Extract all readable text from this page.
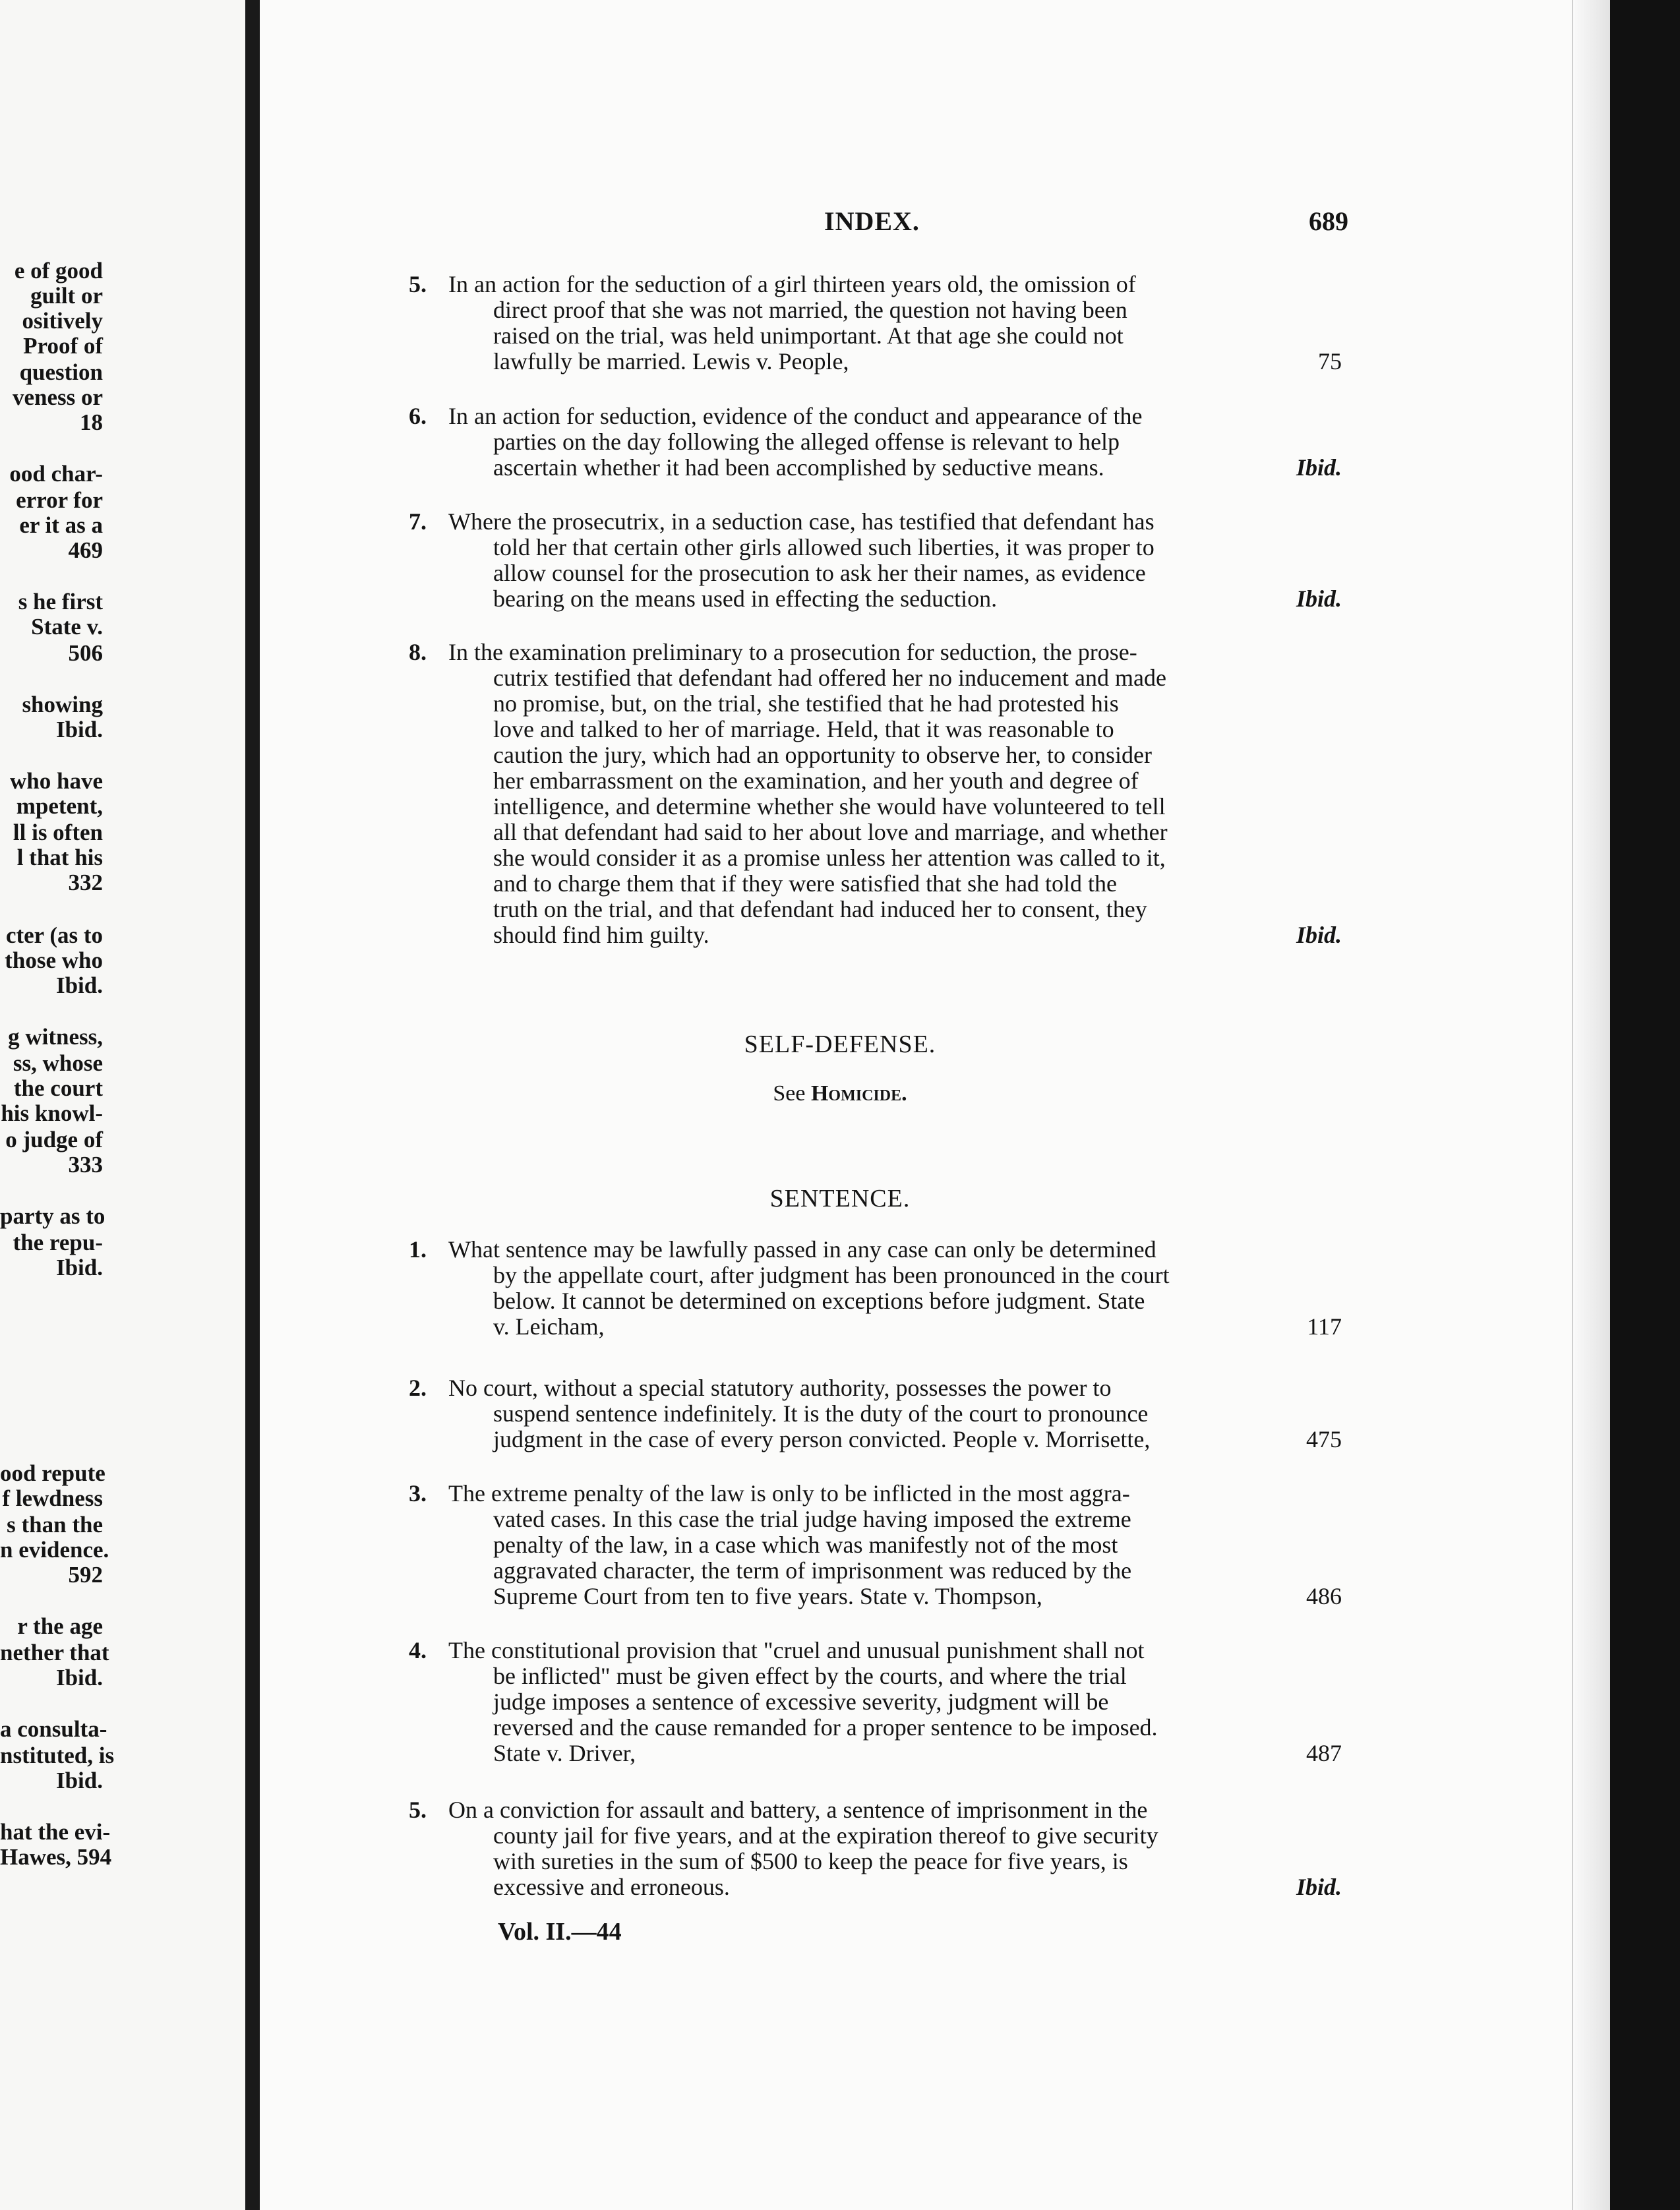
e of good
guilt or
ositively
Proof of
question
veness or
18
ood char-
error for
er it as a
469
s he first
State v.
506
showing
Ibid.
who have
mpetent,
ll is often
l that his
332
cter (as to
those who
Ibid.
g witness,
ss, whose
the court
his knowl-
o judge of
333
party as to
the repu-
Ibid.
ood repute
f lewdness
s than the
n evidence.
592
r the age
nether that
Ibid.
a consulta-
nstituted, is
Ibid.
hat the evi-
Hawes, 594
INDEX.	689
5. In an action for the seduction of a girl thirteen years old, the omission of
direct proof that she was not married, the question not having been
raised on the trial, was held unimportant. At that age she could not
lawfully be married. Lewis v. People,	75
6. In an action for seduction, evidence of the conduct and appearance of the
parties on the day following the alleged offense is relevant to help
ascertain whether it had been accomplished by seductive means.	Ibid.
7. Where the prosecutrix, in a seduction case, has testified that defendant has
told her that certain other girls allowed such liberties, it was proper to
allow counsel for the prosecution to ask her their names, as evidence
bearing on the means used in effecting the seduction.	Ibid.
8. In the examination preliminary to a prosecution for seduction, the prose-
cutrix testified that defendant had offered her no inducement and made
no promise, but, on the trial, she testified that he had protested his
love and talked to her of marriage. Held, that it was reasonable to
caution the jury, which had an opportunity to observe her, to consider
her embarrassment on the examination, and her youth and degree of
intelligence, and determine whether she would have volunteered to tell
all that defendant had said to her about love and marriage, and whether
she would consider it as a promise unless her attention was called to it,
and to charge them that if they were satisfied that she had told the
truth on the trial, and that defendant had induced her to consent, they
should find him guilty.	Ibid.
SELF-DEFENSE.
See Homicide.
SENTENCE.
1. What sentence may be lawfully passed in any case can only be determined
by the appellate court, after judgment has been pronounced in the court
below. It cannot be determined on exceptions before judgment. State
v. Leicham,	117
2. No court, without a special statutory authority, possesses the power to
suspend sentence indefinitely. It is the duty of the court to pronounce
judgment in the case of every person convicted. People v. Morrisette,	475
3. The extreme penalty of the law is only to be inflicted in the most aggra-
vated cases. In this case the trial judge having imposed the extreme
penalty of the law, in a case which was manifestly not of the most
aggravated character, the term of imprisonment was reduced by the
Supreme Court from ten to five years. State v. Thompson,	486
4. The constitutional provision that "cruel and unusual punishment shall not
be inflicted" must be given effect by the courts, and where the trial
judge imposes a sentence of excessive severity, judgment will be
reversed and the cause remanded for a proper sentence to be imposed.
State v. Driver,	487
5. On a conviction for assault and battery, a sentence of imprisonment in the
county jail for five years, and at the expiration thereof to give security
with sureties in the sum of $500 to keep the peace for five years, is
excessive and erroneous.	Ibid.
Vol. II.—44
